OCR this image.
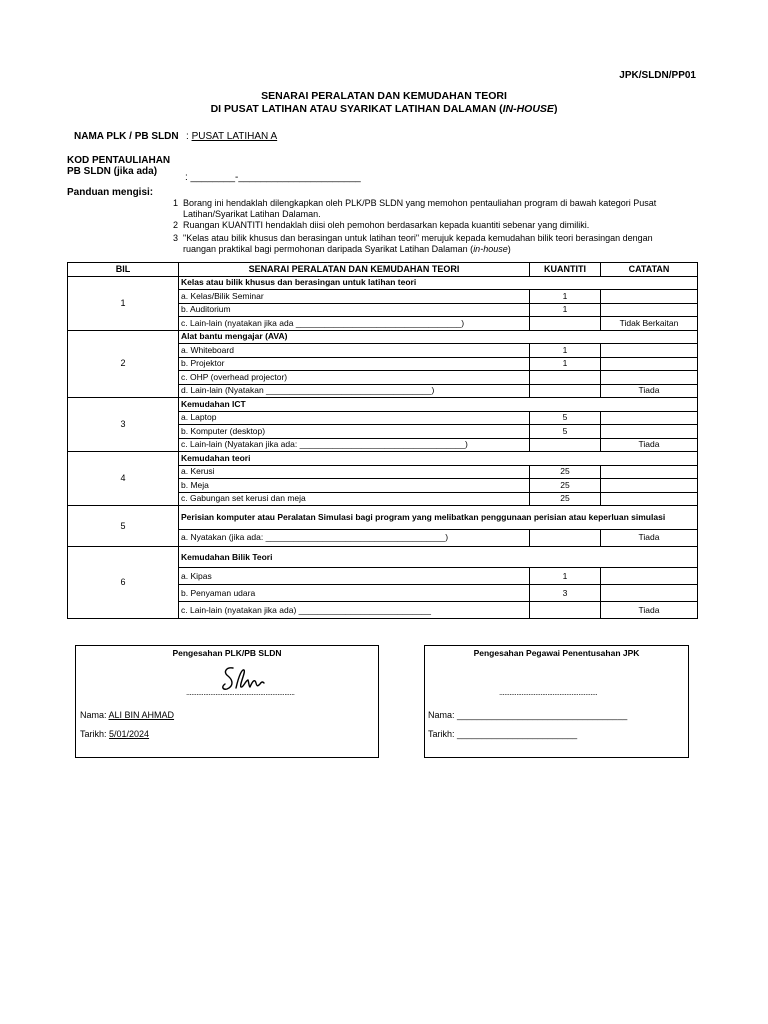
JPK/SLDN/PP01
SENARAI PERALATAN DAN KEMUDAHAN TEORI
DI PUSAT LATIHAN ATAU SYARIKAT LATIHAN DALAMAN (IN-HOUSE)
NAMA PLK / PB SLDN : PUSAT LATIHAN A
KOD PENTAULIAHAN
PB SLDN (jika ada)
: ________-______________________
Panduan mengisi:
1 Borang ini hendaklah dilengkapkan oleh PLK/PB SLDN yang memohon pentauliahan program di bawah kategori Pusat Latihan/Syarikat Latihan Dalaman.
2 Ruangan KUANTITI hendaklah diisi oleh pemohon berdasarkan kepada kuantiti sebenar yang dimiliki.
3 "Kelas atau bilik khusus dan berasingan untuk latihan teori" merujuk kepada kemudahan bilik teori berasingan dengan ruangan praktikal bagi permohonan daripada Syarikat Latihan Dalaman (in-house)
BIL	SENARAI PERALATAN DAN KEMUDAHAN TEORI	KUANTITI	CATATAN
1	Kelas atau bilik khusus dan berasingan untuk latihan teori		
	a. Kelas/Bilik Seminar	1	
	b. Auditorium	1	
	c. Lain-lain (nyatakan jika ada ___________________________________)		Tidak Berkaitan
2	Alat bantu mengajar (AVA)		
	a. Whiteboard	1	
	b. Projektor	1	
	c. OHP (overhead projector)		
	d. Lain-lain (Nyatakan ___________________________________)		Tiada
3	Kemudahan ICT		
	a. Laptop	5	
	b. Komputer (desktop)	5	
	c. Lain-lain (Nyatakan jika ada: ___________________________________)		Tiada
4	Kemudahan teori		
	a. Kerusi	25	
	b. Meja	25	
	c. Gabungan set kerusi dan meja	25	
5	Perisian komputer atau Peralatan Simulasi bagi program yang melibatkan penggunaan perisian atau keperluan simulasi		
	a. Nyatakan (jika ada: ______________________________________)		Tiada
6	Kemudahan Bilik Teori		
	a. Kipas	1	
	b. Penyaman udara	3	
	c. Lain-lain (nyatakan jika ada) ____________________________		Tiada
Pengesahan PLK/PB SLDN
...............................................................
Nama: ALI BIN AHMAD
Tarikh: 5/01/2024
Pengesahan Pegawai Penentusahan JPK
.........................................................
Nama: __________________________________
Tarikh: ________________________
